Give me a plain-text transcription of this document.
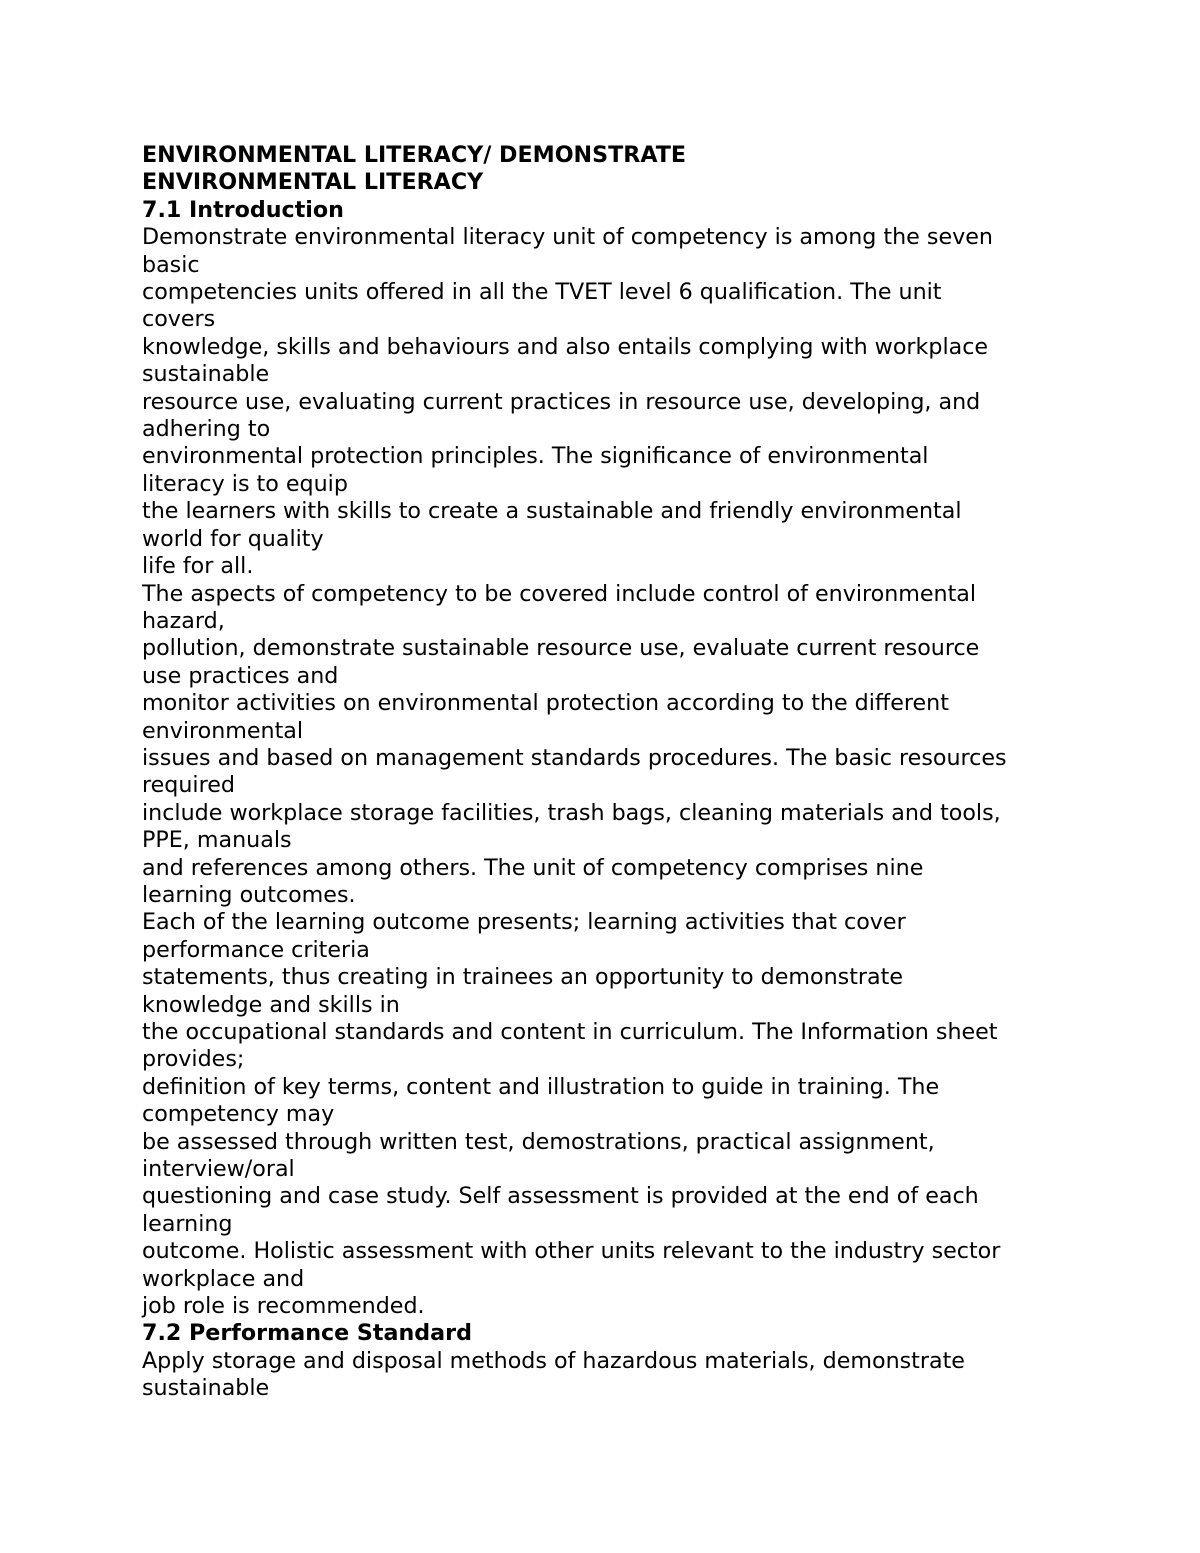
ENVIRONMENTAL LITERACY/ DEMONSTRATE
ENVIRONMENTAL LITERACY
7.1 Introduction
Demonstrate environmental literacy unit of competency is among the seven
basic
competencies units offered in all the TVET level 6 qualification. The unit
covers
knowledge, skills and behaviours and also entails complying with workplace
sustainable
resource use, evaluating current practices in resource use, developing, and
adhering to
environmental protection principles. The significance of environmental
literacy is to equip
the learners with skills to create a sustainable and friendly environmental
world for quality
life for all.
The aspects of competency to be covered include control of environmental
hazard,
pollution, demonstrate sustainable resource use, evaluate current resource
use practices and
monitor activities on environmental protection according to the different
environmental
issues and based on management standards procedures. The basic resources
required
include workplace storage facilities, trash bags, cleaning materials and tools,
PPE, manuals
and references among others. The unit of competency comprises nine
learning outcomes.
Each of the learning outcome presents; learning activities that cover
performance criteria
statements, thus creating in trainees an opportunity to demonstrate
knowledge and skills in
the occupational standards and content in curriculum. The Information sheet
provides;
definition of key terms, content and illustration to guide in training. The
competency may
be assessed through written test, demostrations, practical assignment,
interview/oral
questioning and case study. Self assessment is provided at the end of each
learning
outcome. Holistic assessment with other units relevant to the industry sector
workplace and
job role is recommended.
7.2 Performance Standard
Apply storage and disposal methods of hazardous materials, demonstrate
sustainable
